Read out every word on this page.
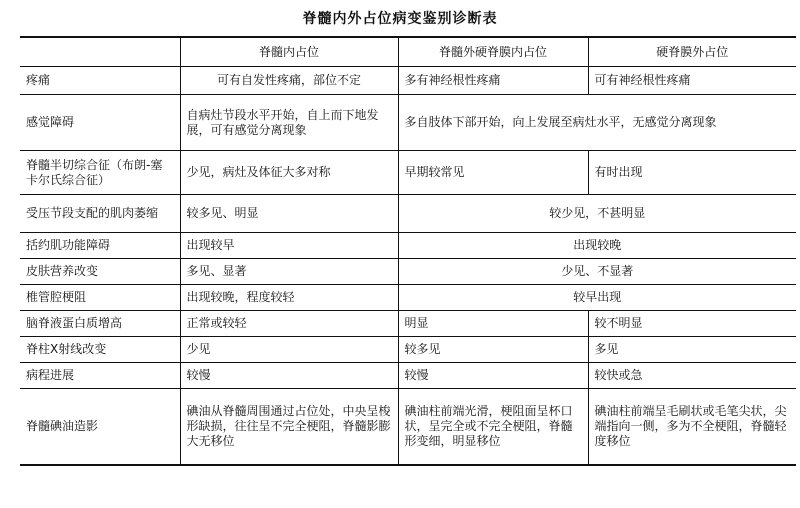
脊髓内外占位病变鉴别诊断表
	脊髓内占位	脊髓外硬脊膜内占位	硬脊膜外占位
疼痛	可有自发性疼痛，部位不定	多有神经根性疼痛	可有神经根性疼痛
感觉障碍	自病灶节段水平开始，自上而下地发展，可有感觉分离现象	多自肢体下部开始，向上发展至病灶水平，无感觉分离现象	
脊髓半切综合征（布朗-塞卡尔氏综合征）	少见，病灶及体征大多对称	早期较常见	有时出现
受压节段支配的肌肉萎缩	较多见、明显	较少见，不甚明显	
括约肌功能障碍	出现较早	出现较晚	
皮肤营养改变	多见、显著	少见、不显著	
椎管腔梗阻	出现较晚，程度较轻	较早出现	
脑脊液蛋白质增高	正常或较轻	明显	较不明显
脊柱X射线改变	少见	较多见	多见
病程进展	较慢	较慢	较快或急
脊髓碘油造影	碘油从脊髓周围通过占位处，中央呈梭形缺损，往往呈不完全梗阻，脊髓影膨大无移位	碘油柱前端光滑，梗阻面呈杯口状，呈完全或不完全梗阻，脊髓形变细，明显移位	碘油柱前端呈毛刷状或毛笔尖状，尖端指向一侧，多为不全梗阻，脊髓轻度移位
